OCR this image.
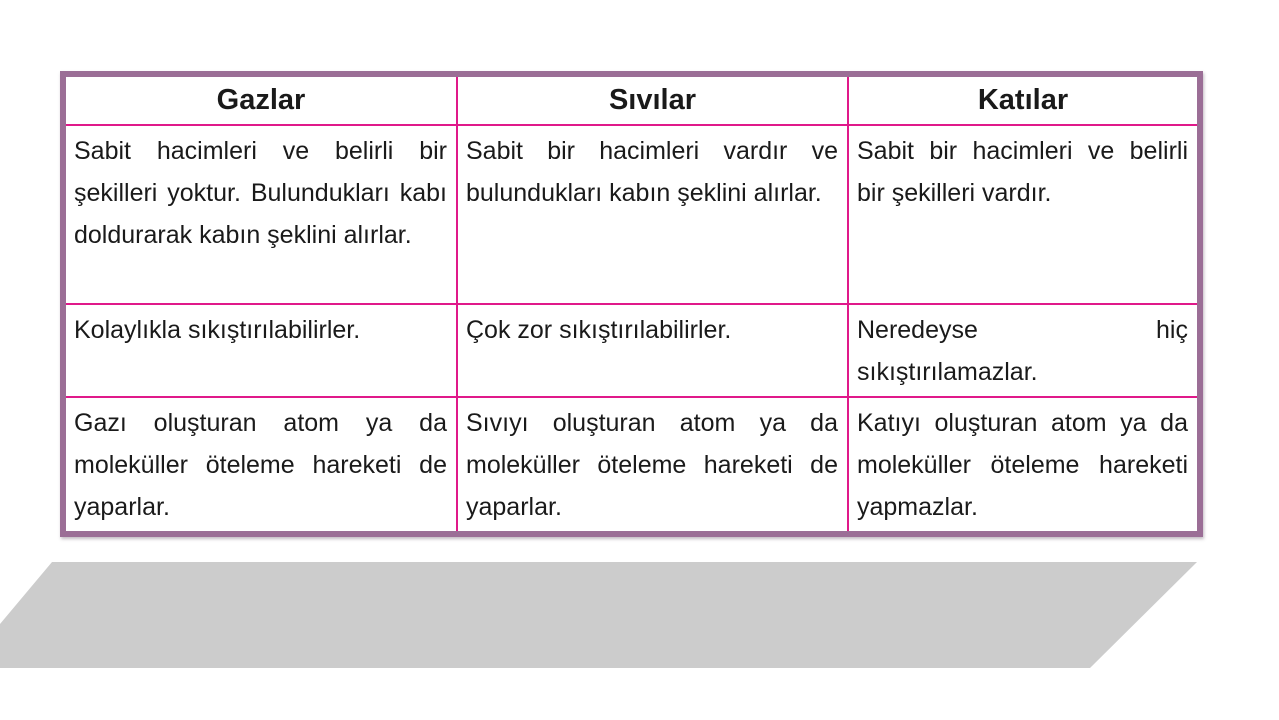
Gazlar	Sıvılar	Katılar
Sabit hacimleri ve belirli bir şekilleri yoktur. Bulundukları kabı doldurarak kabın şeklini alırlar.	Sabit bir hacimleri vardır ve bulundukları kabın şeklini alırlar.	Sabit bir hacimleri ve belirli bir şekilleri vardır.
Kolaylıkla sıkıştırılabilirler.	Çok zor sıkıştırılabilirler.	Neredeyse hiç sıkıştırılamazlar.
Gazı oluşturan atom ya da moleküller öteleme hareketi de yaparlar.	Sıvıyı oluşturan atom ya da moleküller öteleme hareketi de yaparlar.	Katıyı oluşturan atom ya da moleküller öteleme hareketi yapmazlar.
